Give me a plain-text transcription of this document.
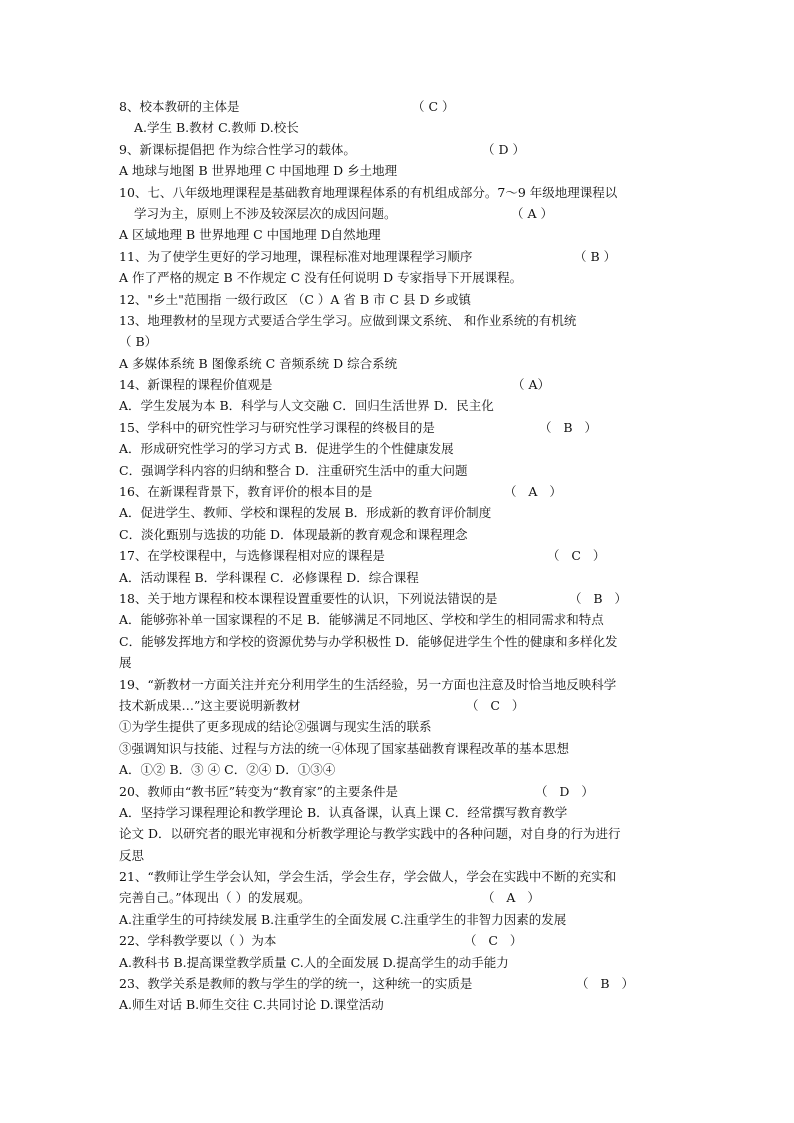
8、校本教研的主体是	（ C ）
A.学生 B.教材 C.教师 D.校长
9、新课标提倡把 作为综合性学习的载体。	（ D ）
A 地球与地图 B 世界地理 C 中国地理 D 乡土地理
10、七、八年级地理课程是基础教育地理课程体系的有机组成部分。7～9 年级地理课程以
学习为主，原则上不涉及较深层次的成因问题。	（ A ）
A 区域地理 B 世界地理 C 中国地理 D自然地理
11、为了使学生更好的学习地理，课程标准对地理课程学习顺序	（ B ）
A 作了严格的规定 B 不作规定 C 没有任何说明 D 专家指导下开展课程。
12、"乡土"范围指 一级行政区 （C ）A 省 B 市 C 县 D 乡或镇
13、地理教材的呈现方式要适合学生学习。应做到课文系统、 和作业系统的有机统
（ B）
A 多媒体系统 B 图像系统 C 音频系统 D 综合系统
14、新课程的课程价值观是	（ A）
A．学生发展为本 B．科学与人文交融 C．回归生活世界 D．民主化
15、学科中的研究性学习与研究性学习课程的终极目的是	（   B   ）
A．形成研究性学习的学习方式 B．促进学生的个性健康发展
C．强调学科内容的归纳和整合 D．注重研究生活中的重大问题
16、在新课程背景下，教育评价的根本目的是	（   A   ）
A．促进学生、教师、学校和课程的发展 B．形成新的教育评价制度
C．淡化甄别与选拔的功能 D．体现最新的教育观念和课程理念
17、在学校课程中，与选修课程相对应的课程是	（   C   ）
A．活动课程 B．学科课程 C．必修课程 D．综合课程
18、关于地方课程和校本课程设置重要性的认识，下列说法错误的是	（   B   ）
A．能够弥补单一国家课程的不足 B．能够满足不同地区、学校和学生的相同需求和特点
C．能够发挥地方和学校的资源优势与办学积极性 D．能够促进学生个性的健康和多样化发
展
19、“新教材一方面关注并充分利用学生的生活经验，另一方面也注意及时恰当地反映科学
技术新成果…”这主要说明新教材	（   C   ）
①为学生提供了更多现成的结论②强调与现实生活的联系
③强调知识与技能、过程与方法的统一④体现了国家基础教育课程改革的基本思想
A．①② B．③ ④ C．②④ D．①③④
20、教师由“教书匠”转变为“教育家”的主要条件是	（   D   ）
A．坚持学习课程理论和教学理论 B．认真备课，认真上课 C．经常撰写教育教学
论文 D．以研究者的眼光审视和分析教学理论与教学实践中的各种问题，对自身的行为进行
反思
21、“教师让学生学会认知，学会生活，学会生存，学会做人，学会在实践中不断的充实和
完善自己。”体现出（ ）的发展观。	（   A   ）
A.注重学生的可持续发展 B.注重学生的全面发展 C.注重学生的非智力因素的发展
22、学科教学要以（ ）为本	（   C   ）
A.教科书 B.提高课堂教学质量 C.人的全面发展 D.提高学生的动手能力
23、教学关系是教师的教与学生的学的统一，这种统一的实质是	（   B   ）
A.师生对话 B.师生交往 C.共同讨论 D.课堂活动
